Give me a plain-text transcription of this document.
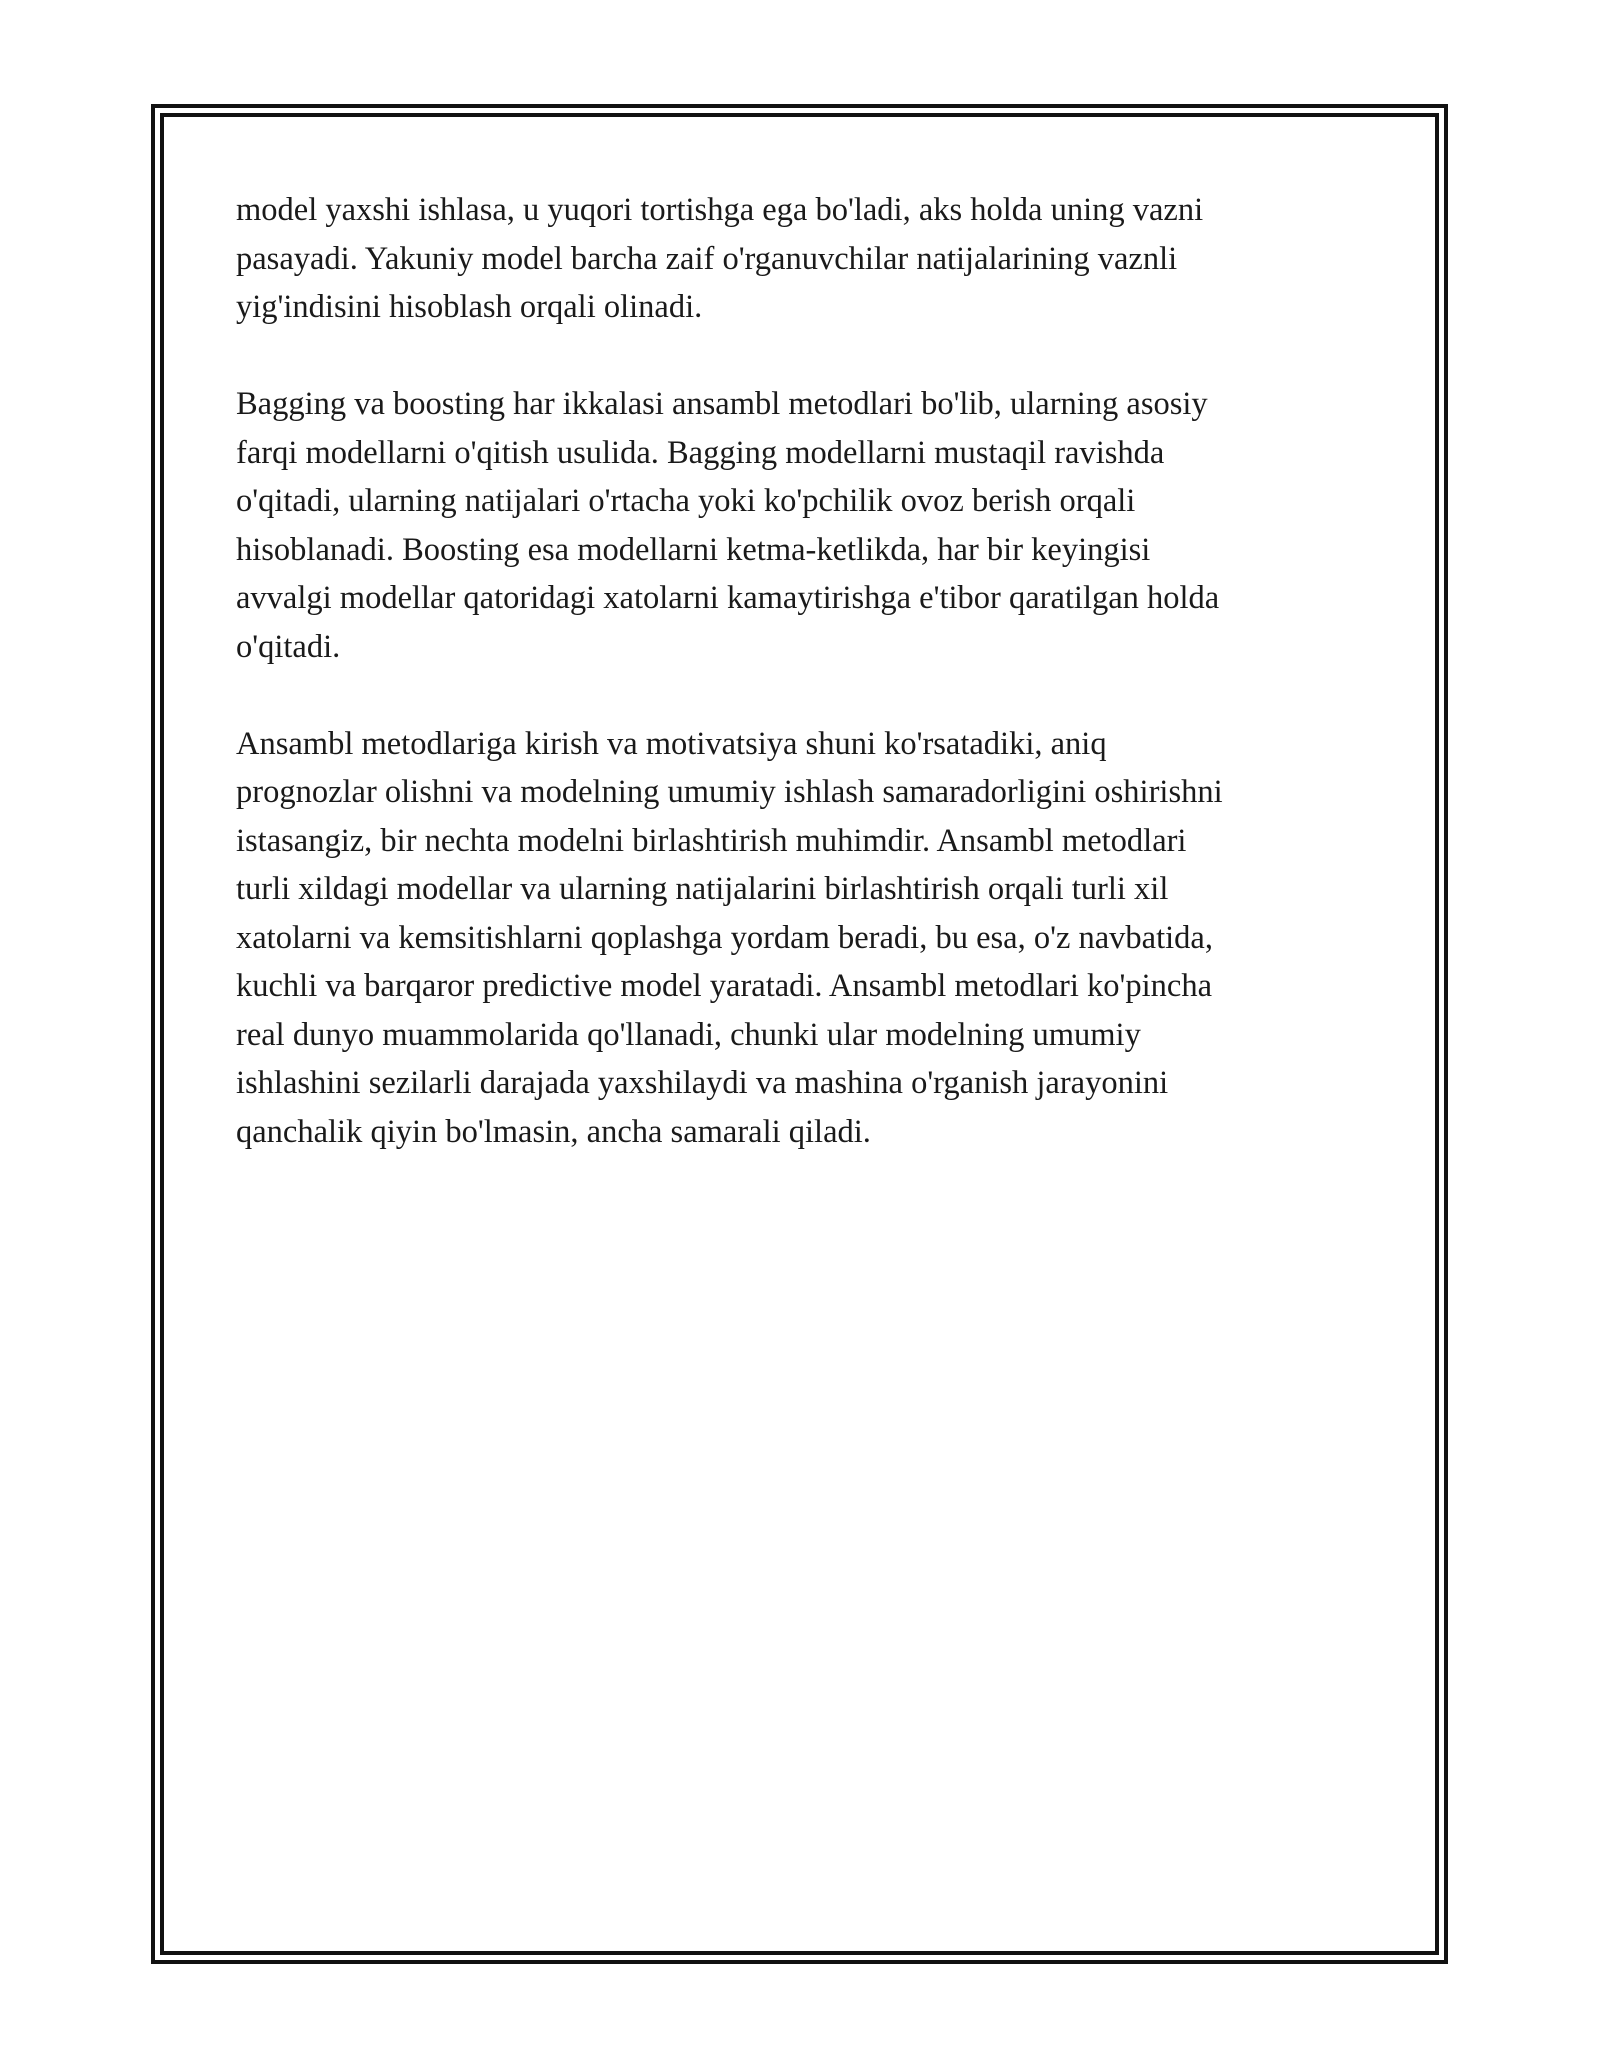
model yaxshi ishlasa, u yuqori tortishga ega bo'ladi, aks holda uning vazni
pasayadi. Yakuniy model barcha zaif o'rganuvchilar natijalarining vaznli
yig'indisini hisoblash orqali olinadi.

Bagging va boosting har ikkalasi ansambl metodlari bo'lib, ularning asosiy
farqi modellarni o'qitish usulida. Bagging modellarni mustaqil ravishda
o'qitadi, ularning natijalari o'rtacha yoki ko'pchilik ovoz berish orqali
hisoblanadi. Boosting esa modellarni ketma-ketlikda, har bir keyingisi
avvalgi modellar qatoridagi xatolarni kamaytirishga e'tibor qaratilgan holda
o'qitadi.

Ansambl metodlariga kirish va motivatsiya shuni ko'rsatadiki, aniq
prognozlar olishni va modelning umumiy ishlash samaradorligini oshirishni
istasangiz, bir nechta modelni birlashtirish muhimdir. Ansambl metodlari
turli xildagi modellar va ularning natijalarini birlashtirish orqali turli xil
xatolarni va kemsitishlarni qoplashga yordam beradi, bu esa, o'z navbatida,
kuchli va barqaror predictive model yaratadi. Ansambl metodlari ko'pincha
real dunyo muammolarida qo'llanadi, chunki ular modelning umumiy
ishlashini sezilarli darajada yaxshilaydi va mashina o'rganish jarayonini
qanchalik qiyin bo'lmasin, ancha samarali qiladi.
